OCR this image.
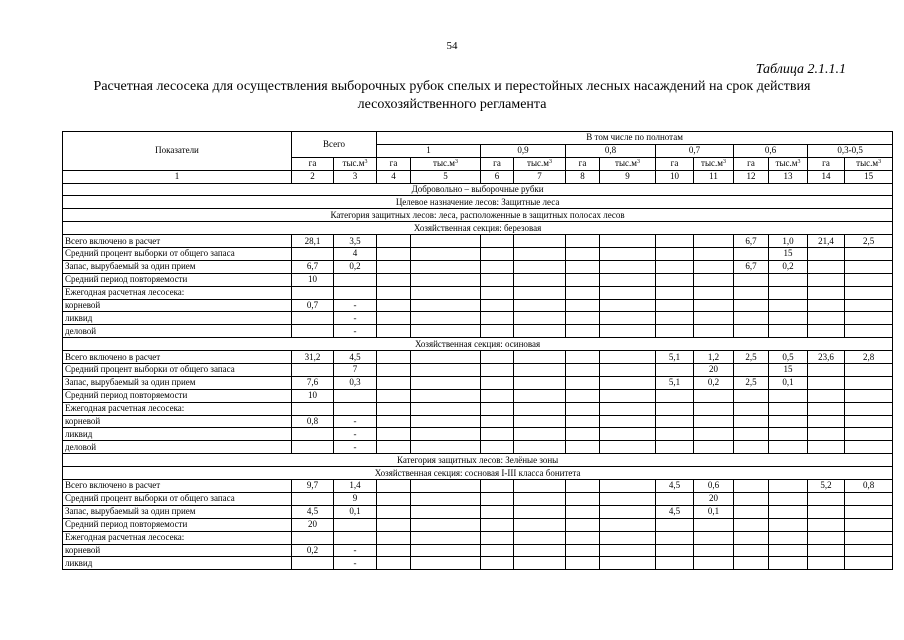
54
Таблица 2.1.1.1
Расчетная лесосека для осуществления выборочных рубок спелых и перестойных лесных насаждений на срок действия лесохозяйственного регламента
Показатели	Всего		В том числе по полнотам											
			1		0,9		0,8		0,7		0,6		0,3-0,5	
	га	$тыс.м^3$	га	$тыс.м^3$	га	$тыс.м^3$	га	$тыс.м^3$	га	$тыс.м^3$	га	$тыс.м^3$	га	$тыс.м^3$
1	2	3	4	5	6	7	8	9	10	11	12	13	14	15
Добровольно – выборочные рубки														
Целевое назначение лесов: Защитные леса														
Категория защитных лесов: леса, расположенные в защитных полосах лесов														
Хозяйственная секция: березовая														
Всего включено в расчет	28,1	3,5									6,7	1,0	21,4	2,5
Средний процент выборки от общего запаса		4										15		
Запас, вырубаемый за один прием	6,7	0,2									6,7	0,2		
Средний период повторяемости	10													
Ежегодная расчетная лесосека:														
корневой	0,7	-												
ликвид		-												
деловой		-												
Хозяйственная секция: осиновая														
Всего включено в расчет	31,2	4,5							5,1	1,2	2,5	0,5	23,6	2,8
Средний процент выборки от общего запаса		7								20		15		
Запас, вырубаемый за один прием	7,6	0,3							5,1	0,2	2,5	0,1		
Средний период повторяемости	10													
Ежегодная расчетная лесосека:														
корневой	0,8	-												
ликвид		-												
деловой		-												
Категория защитных лесов: Зелёные зоны														
Хозяйственная секция: сосновая I-III класса бонитета														
Всего включено в расчет	9,7	1,4							4,5	0,6			5,2	0,8
Средний процент выборки от общего запаса		9								20				
Запас, вырубаемый за один прием	4,5	0,1							4,5	0,1				
Средний период повторяемости	20													
Ежегодная расчетная лесосека:														
корневой	0,2	-												
ликвид		-												
